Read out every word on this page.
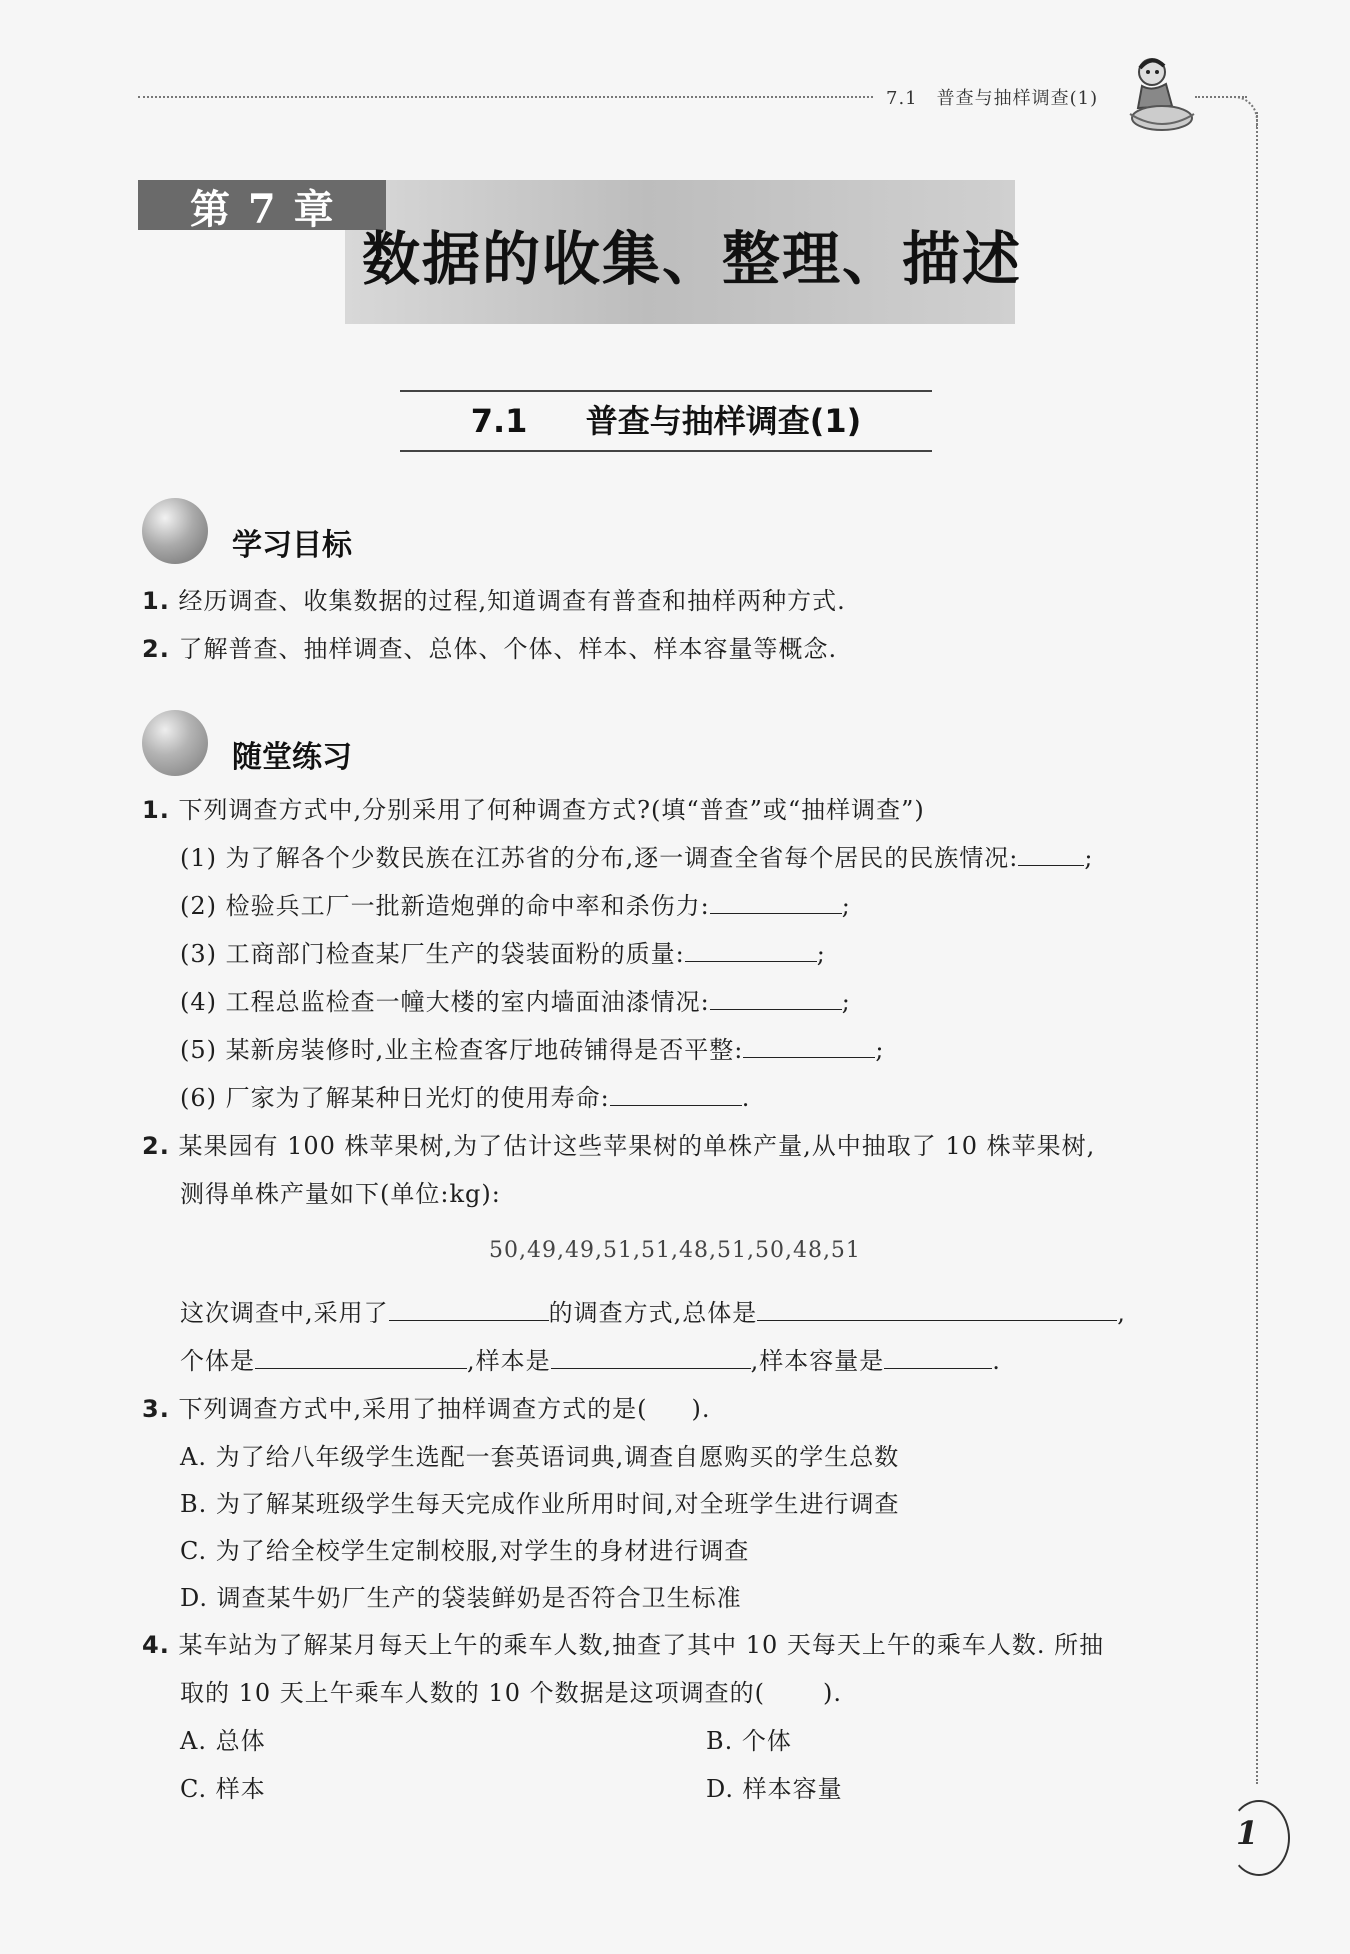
7.1　普查与抽样调查(1)
第 7 章
数据的收集、整理、描述
7.1 普查与抽样调查(1)
学习目标
1. 经历调查、收集数据的过程,知道调查有普查和抽样两种方式.
2. 了解普查、抽样调查、总体、个体、样本、样本容量等概念.
随堂练习
1. 下列调查方式中,分别采用了何种调查方式?(填“普查”或“抽样调查”)
(1) 为了解各个少数民族在江苏省的分布,逐一调查全省每个居民的民族情况:	;
(2) 检验兵工厂一批新造炮弹的命中率和杀伤力:	;
(3) 工商部门检查某厂生产的袋装面粉的质量:	;
(4) 工程总监检查一幢大楼的室内墙面油漆情况:	;
(5) 某新房装修时,业主检查客厅地砖铺得是否平整:	;
(6) 厂家为了解某种日光灯的使用寿命:	.
2. 某果园有 100 株苹果树,为了估计这些苹果树的单株产量,从中抽取了 10 株苹果树,
测得单株产量如下(单位:kg):
50,49,49,51,51,48,51,50,48,51
这次调查中,采用了	的调查方式,总体是	,
个体是	,样本是	,样本容量是	.
3. 下列调查方式中,采用了抽样调查方式的是( ).
A. 为了给八年级学生选配一套英语词典,调查自愿购买的学生总数
B. 为了解某班级学生每天完成作业所用时间,对全班学生进行调查
C. 为了给全校学生定制校服,对学生的身材进行调查
D. 调查某牛奶厂生产的袋装鲜奶是否符合卫生标准
4. 某车站为了解某月每天上午的乘车人数,抽查了其中 10 天每天上午的乘车人数. 所抽
取的 10 天上午乘车人数的 10 个数据是这项调查的( ).
A. 总体	B. 个体
C. 样本	D. 样本容量
1
